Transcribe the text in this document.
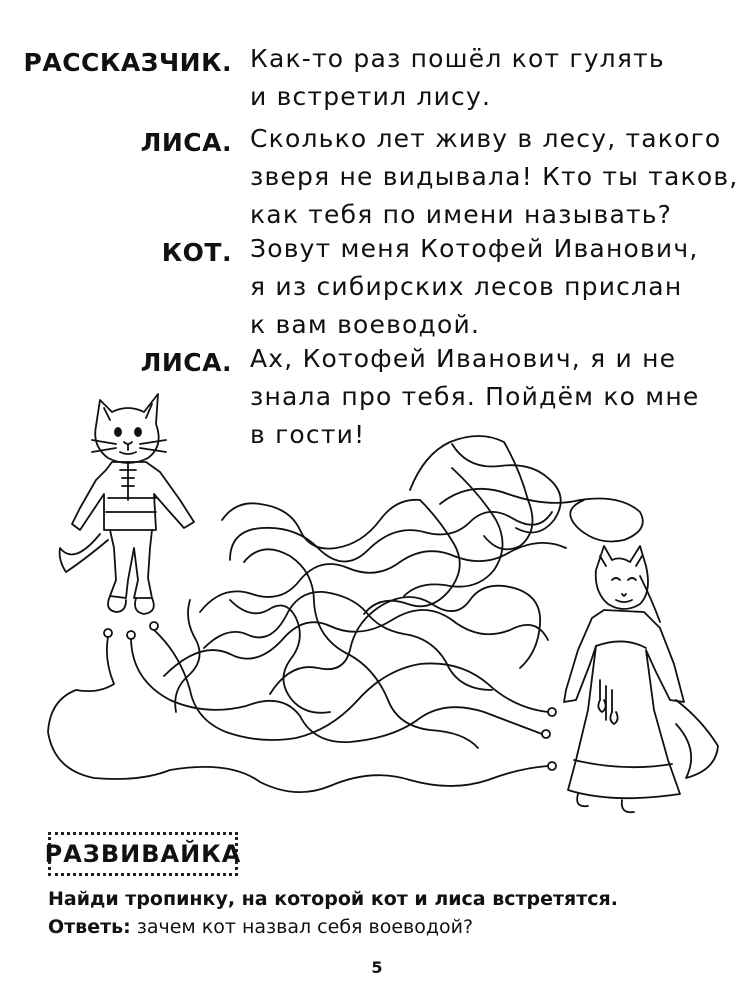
РАССКАЗЧИК. Как-то раз пошёл кот гулять
и встретил лису.
ЛИСА. Сколько лет живу в лесу, такого
зверя не видывала! Кто ты таков,
как тебя по имени называть?
КОТ. Зовут меня Котофей Иванович,
я из сибирских лесов прислан
к вам воеводой.
ЛИСА. Ах, Котофей Иванович, я и не
знала про тебя. Пойдём ко мне
в гости!
РАЗВИВАЙКА
Найди тропинку, на которой кот и лиса встретятся.
Ответь: зачем кот назвал себя воеводой?
5
